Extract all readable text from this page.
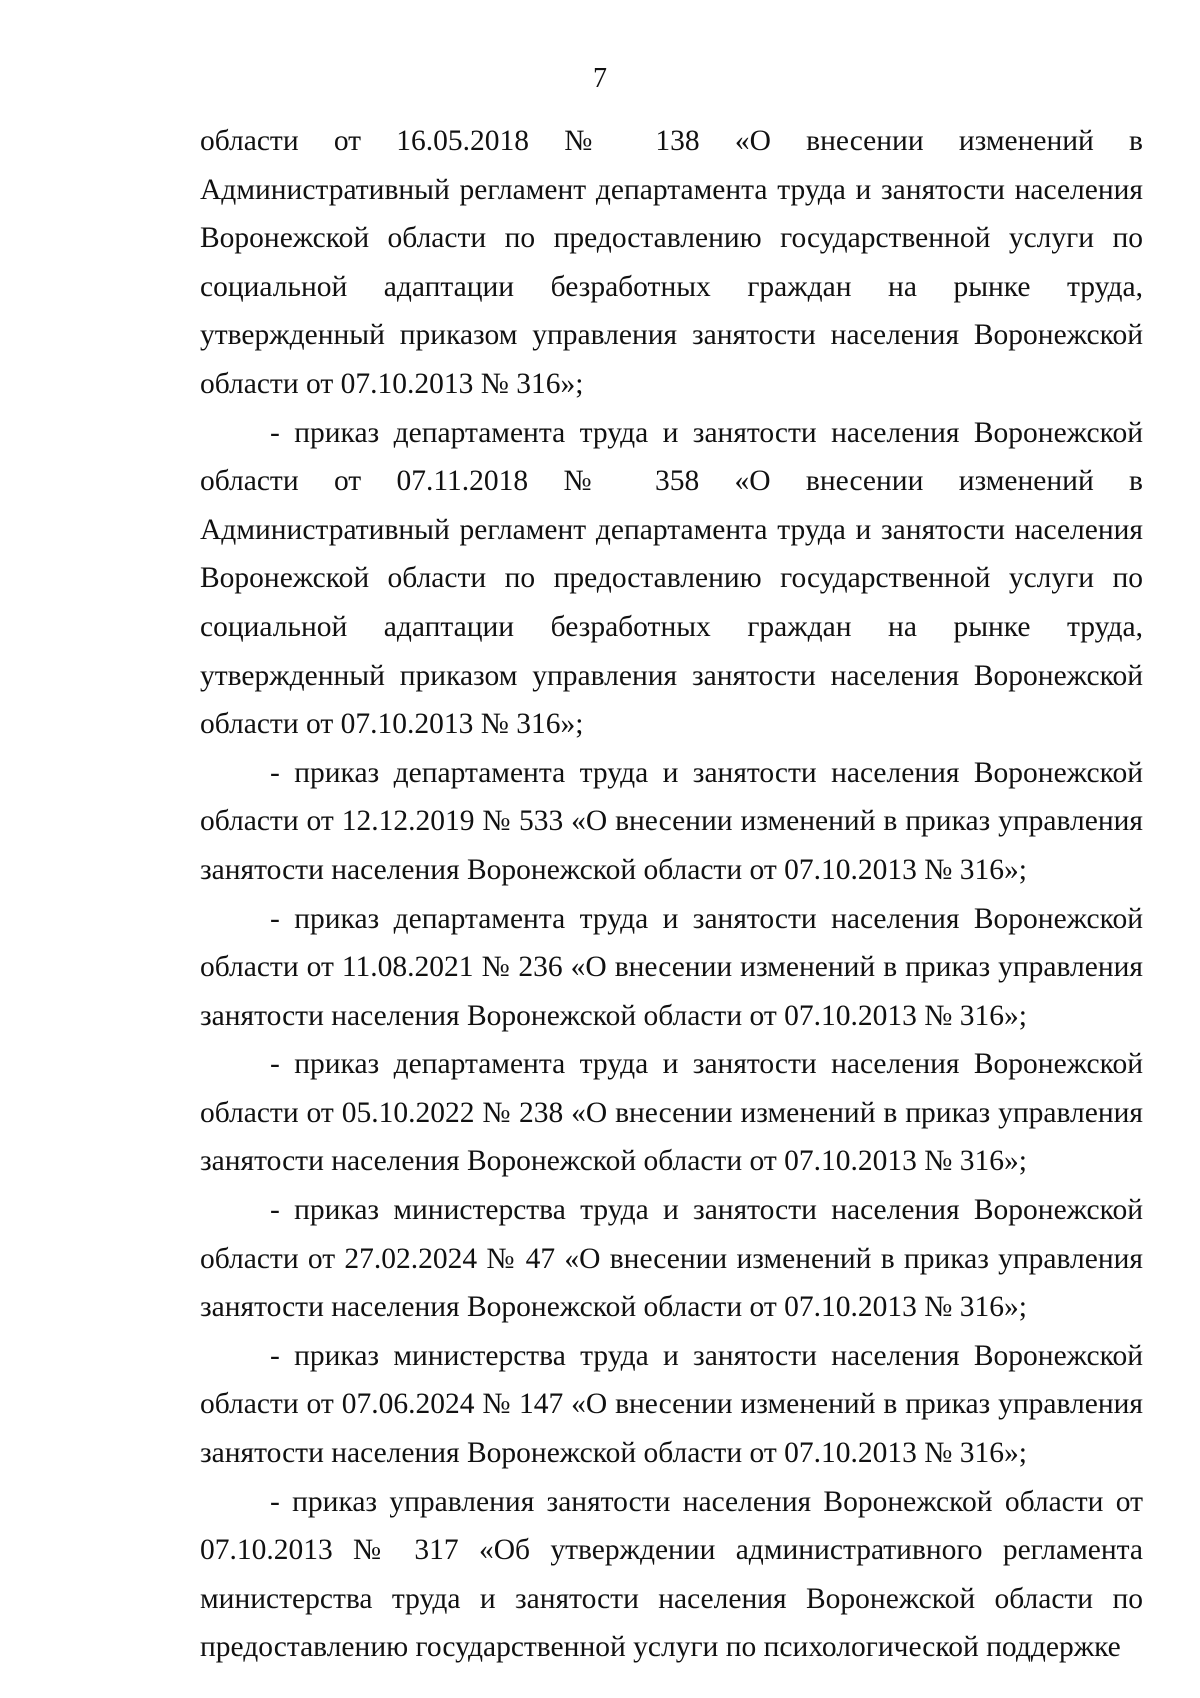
7

области от 16.05.2018 № 138 «О внесении изменений в Административный регламент департамента труда и занятости населения Воронежской области по предоставлению государственной услуги по социальной адаптации безработных граждан на рынке труда, утвержденный приказом управления занятости населения Воронежской области от 07.10.2013 № 316»;

- приказ департамента труда и занятости населения Воронежской области от 07.11.2018 № 358 «О внесении изменений в Административный регламент департамента труда и занятости населения Воронежской области по предоставлению государственной услуги по социальной адаптации безработных граждан на рынке труда, утвержденный приказом управления занятости населения Воронежской области от 07.10.2013 № 316»;

- приказ департамента труда и занятости населения Воронежской области от 12.12.2019 № 533 «О внесении изменений в приказ управления занятости населения Воронежской области от 07.10.2013 № 316»;

- приказ департамента труда и занятости населения Воронежской области от 11.08.2021 № 236 «О внесении изменений в приказ управления занятости населения Воронежской области от 07.10.2013 № 316»;

- приказ департамента труда и занятости населения Воронежской области от 05.10.2022 № 238 «О внесении изменений в приказ управления занятости населения Воронежской области от 07.10.2013 № 316»;

- приказ министерства труда и занятости населения Воронежской области от 27.02.2024 № 47 «О внесении изменений в приказ управления занятости населения Воронежской области от 07.10.2013 № 316»;

- приказ министерства труда и занятости населения Воронежской области от 07.06.2024 № 147 «О внесении изменений в приказ управления занятости населения Воронежской области от 07.10.2013 № 316»;

- приказ управления занятости населения Воронежской области от 07.10.2013 № 317 «Об утверждении административного регламента министерства труда и занятости населения Воронежской области по предоставлению государственной услуги по психологической поддержке
